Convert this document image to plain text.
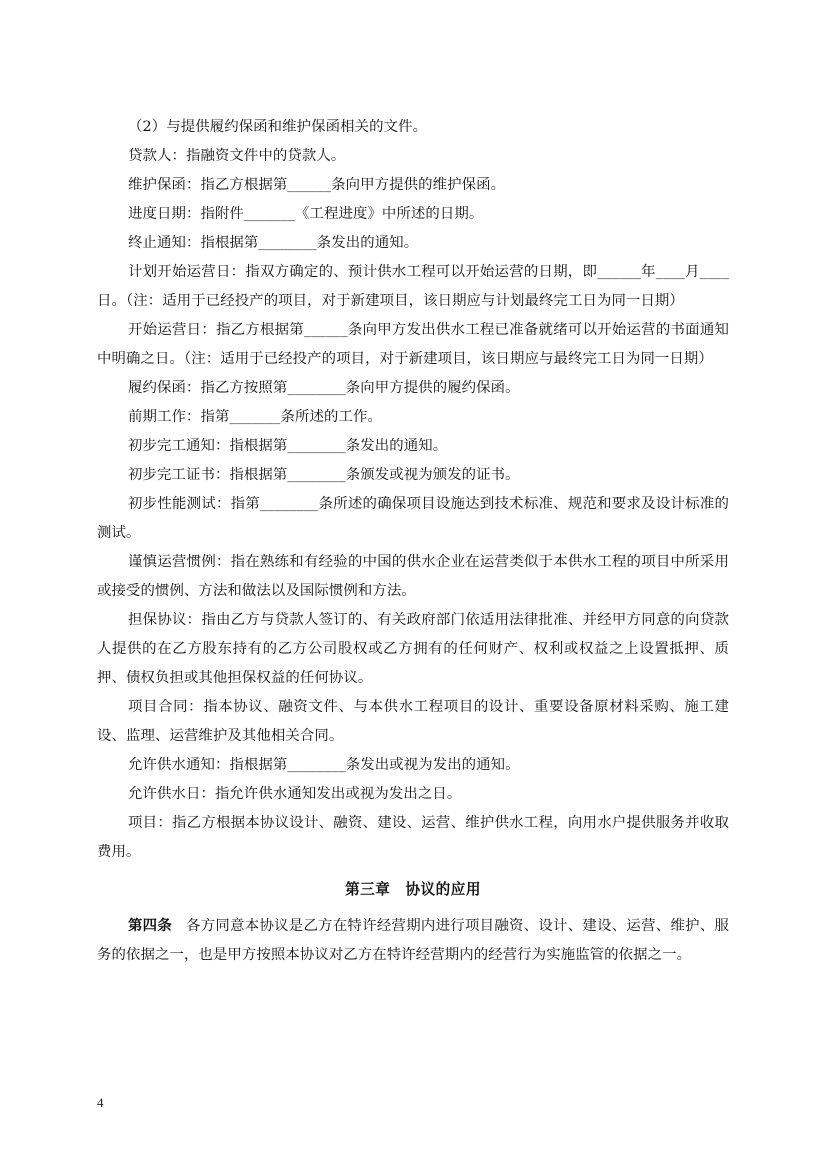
（2）与提供履约保函和维护保函相关的文件。

贷款人：指融资文件中的贷款人。

维护保函：指乙方根据第______条向甲方提供的维护保函。

进度日期：指附件_______《工程进度》中所述的日期。

终止通知：指根据第________条发出的通知。

计划开始运营日：指双方确定的、预计供水工程可以开始运营的日期，即______年____月____日。（注：适用于已经投产的项目，对于新建项目，该日期应与计划最终完工日为同一日期）

开始运营日：指乙方根据第______条向甲方发出供水工程已准备就绪可以开始运营的书面通知中明确之日。（注：适用于已经投产的项目，对于新建项目，该日期应与最终完工日为同一日期）

履约保函：指乙方按照第________条向甲方提供的履约保函。

前期工作：指第_______条所述的工作。

初步完工通知：指根据第________条发出的通知。

初步完工证书：指根据第________条颁发或视为颁发的证书。

初步性能测试：指第________条所述的确保项目设施达到技术标准、规范和要求及设计标准的测试。

谨慎运营惯例：指在熟练和有经验的中国的供水企业在运营类似于本供水工程的项目中所采用或接受的惯例、方法和做法以及国际惯例和方法。

担保协议：指由乙方与贷款人签订的、有关政府部门依适用法律批准、并经甲方同意的向贷款人提供的在乙方股东持有的乙方公司股权或乙方拥有的任何财产、权利或权益之上设置抵押、质押、债权负担或其他担保权益的任何协议。

项目合同：指本协议、融资文件、与本供水工程项目的设计、重要设备原材料采购、施工建设、监理、运营维护及其他相关合同。

允许供水通知：指根据第________条发出或视为发出的通知。

允许供水日：指允许供水通知发出或视为发出之日。

项目：指乙方根据本协议设计、融资、建设、运营、维护供水工程，向用水户提供服务并收取费用。

第三章　协议的应用

第四条 各方同意本协议是乙方在特许经营期内进行项目融资、设计、建设、运营、维护、服务的依据之一，也是甲方按照本协议对乙方在特许经营期内的经营行为实施监管的依据之一。

4
